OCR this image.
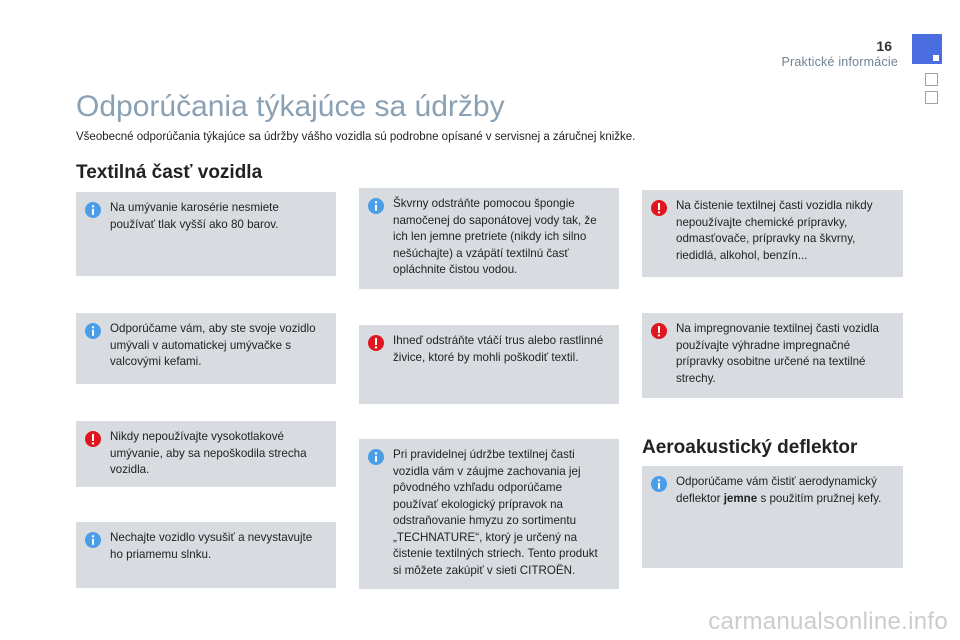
16
Praktické informácie
Odporúčania týkajúce sa údržby
Všeobecné odporúčania týkajúce sa údržby vášho vozidla sú podrobne opísané v servisnej a záručnej knižke.
Textilná časť vozidla

Na umývanie karosérie nesmiete používať tlak vyšší ako 80 barov.

Odporúčame vám, aby ste svoje vozidlo umývali v automatickej umývačke s valcovými kefami.

Nikdy nepoužívajte vysokotlakové umývanie, aby sa nepoškodila strecha vozidla.

Nechajte vozidlo vysušiť a nevystavujte ho priamemu slnku.

Škvrny odstráňte pomocou špongie namočenej do saponátovej vody tak, že ich len jemne pretriete (nikdy ich silno nešúchajte) a vzápätí textilnú časť opláchnite čistou vodou.

Ihneď odstráňte vtáčí trus alebo rastlinné živice, ktoré by mohli poškodiť textil.

Pri pravidelnej údržbe textilnej časti vozidla vám v záujme zachovania jej pôvodného vzhľadu odporúčame používať ekologický prípravok na odstraňovanie hmyzu zo sortimentu „TECHNATURE“, ktorý je určený na čistenie textilných striech. Tento produkt si môžete zakúpiť v sieti CITROËN.

Na čistenie textilnej časti vozidla nikdy nepoužívajte chemické prípravky, odmasťovače, prípravky na škvrny, riedidlá, alkohol, benzín...

Na impregnovanie textilnej časti vozidla používajte výhradne impregnačné prípravky osobitne určené na textilné strechy.

Aeroakustický deflektor

Odporúčame vám čistiť aerodynamický deflektor jemne s použitím pružnej kefy.

carmanualsonline.info
